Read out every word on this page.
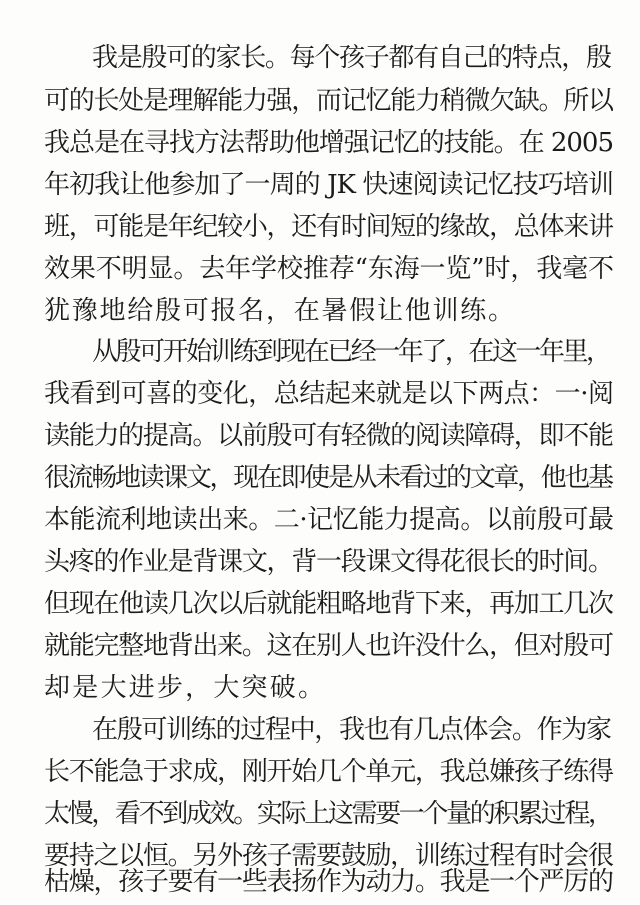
我是殷可的家长。每个孩子都有自己的特点，殷
可的长处是理解能力强，而记忆能力稍微欠缺。所以
我总是在寻找方法帮助他增强记忆的技能。在 2005
年初我让他参加了一周的 JK 快速阅读记忆技巧培训
班，可能是年纪较小，还有时间短的缘故，总体来讲
效果不明显。去年学校推荐“东海一览”时，我毫不
犹豫地给殷可报名，在暑假让他训练。
从殷可开始训练到现在已经一年了，在这一年里，
我看到可喜的变化，总结起来就是以下两点：一·阅
读能力的提高。以前殷可有轻微的阅读障碍，即不能
很流畅地读课文，现在即使是从未看过的文章，他也基
本能流利地读出来。二·记忆能力提高。以前殷可最
头疼的作业是背课文，背一段课文得花很长的时间。
但现在他读几次以后就能粗略地背下来，再加工几次
就能完整地背出来。这在别人也许没什么，但对殷可
却是大进步，大突破。
在殷可训练的过程中，我也有几点体会。作为家
长不能急于求成，刚开始几个单元，我总嫌孩子练得
太慢，看不到成效。实际上这需要一个量的积累过程，
要持之以恒。另外孩子需要鼓励，训练过程有时会很
枯燥，孩子要有一些表扬作为动力。我是一个严厉的
